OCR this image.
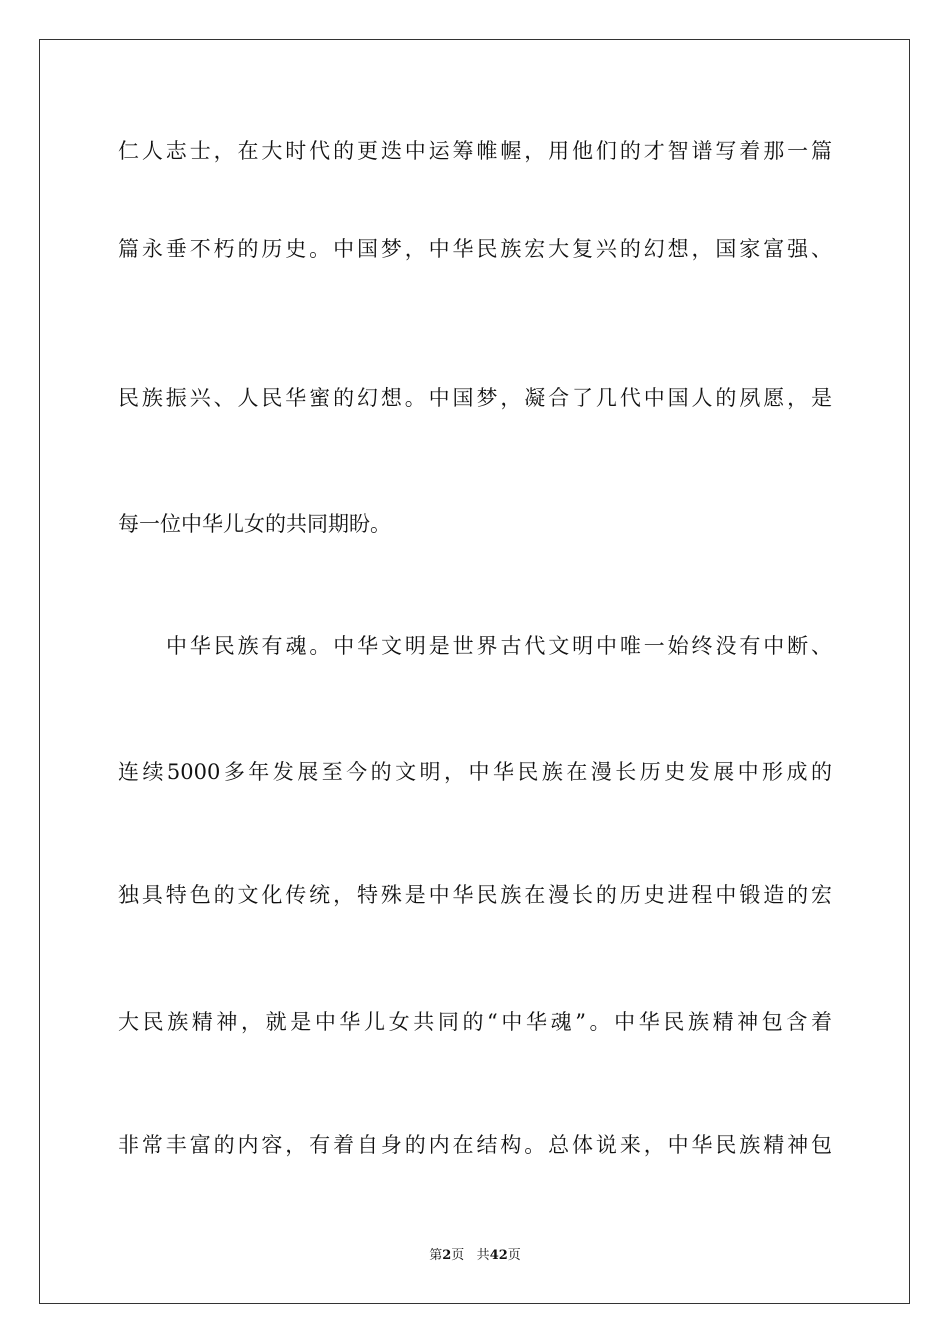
仁人志士，在大时代的更迭中运筹帷幄，用他们的才智谱写着那一篇
篇永垂不朽的历史。中国梦，中华民族宏大复兴的幻想，国家富强、
民族振兴、人民华蜜的幻想。中国梦，凝合了几代中国人的夙愿，是
每一位中华儿女的共同期盼。
中华民族有魂。中华文明是世界古代文明中唯一始终没有中断、
连续5000多年发展至今的文明，中华民族在漫长历史发展中形成的
独具特色的文化传统，特殊是中华民族在漫长的历史进程中锻造的宏
大民族精神，就是中华儿女共同的“中华魂”。中华民族精神包含着
非常丰富的内容，有着自身的内在结构。总体说来，中华民族精神包
第2页 共42页
